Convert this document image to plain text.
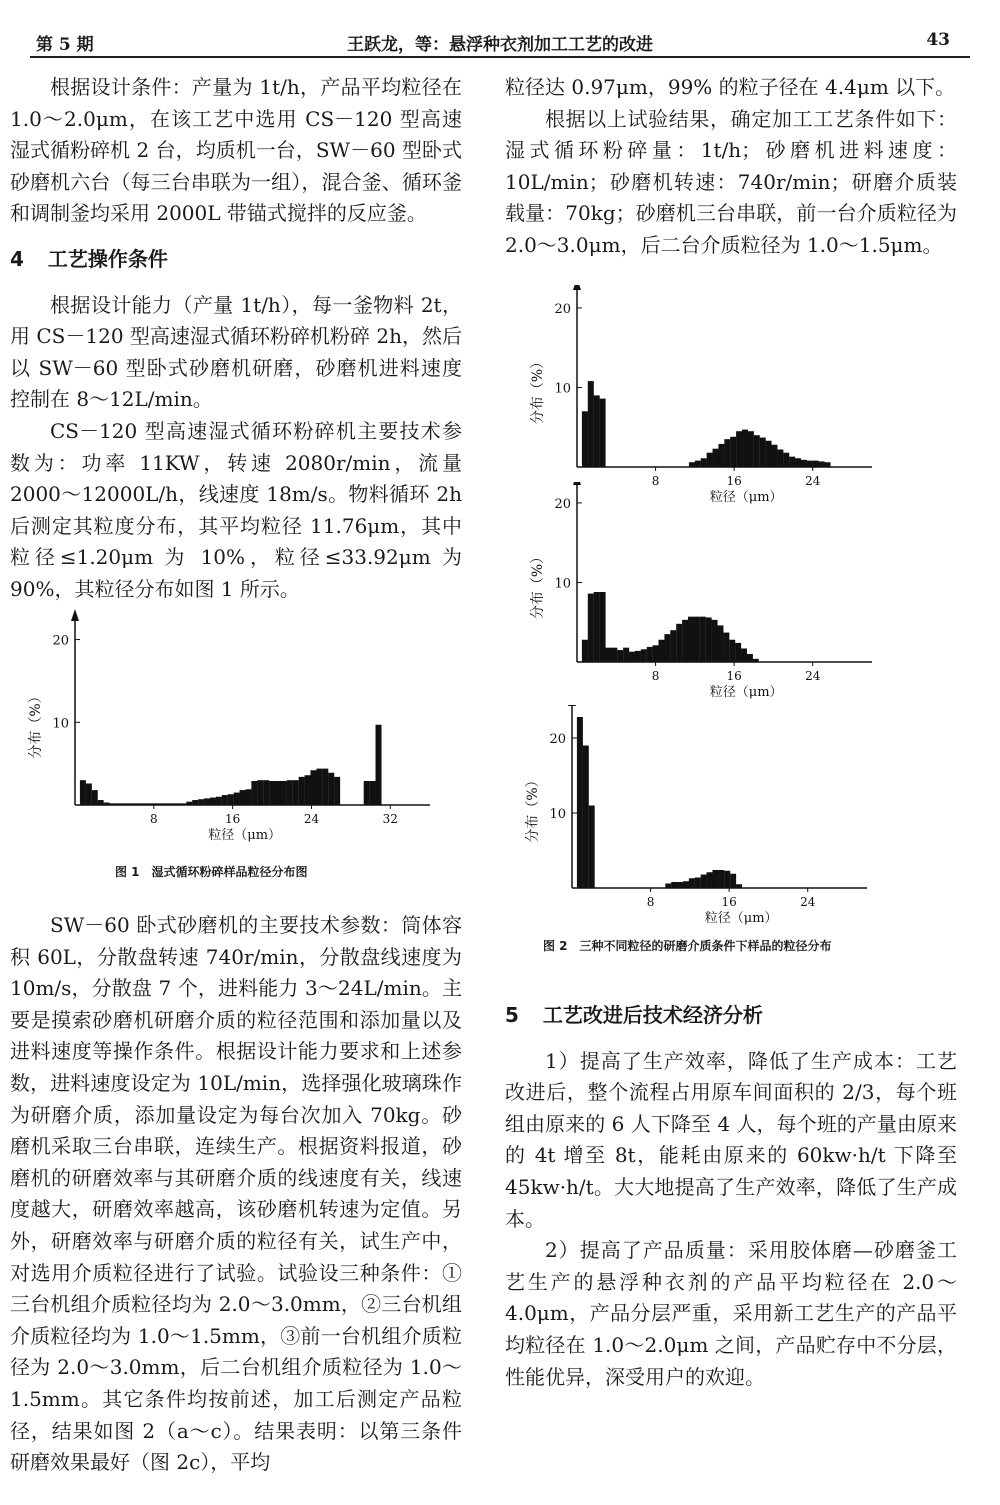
第 5 期	王跃龙，等：悬浮种衣剂加工工艺的改进	43

根据设计条件：产量为 1t/h，产品平均粒径在 1.0～2.0μm，在该工艺中选用 CS－120 型高速湿式循粉碎机 2 台，均质机一台，SW－60 型卧式砂磨机六台（每三台串联为一组），混合釜、循环釜和调制釜均采用 2000L 带锚式搅拌的反应釜。

4 工艺操作条件

根据设计能力（产量 1t/h），每一釜物料 2t，用 CS－120 型高速湿式循环粉碎机粉碎 2h，然后以 SW－60 型卧式砂磨机研磨，砂磨机进料速度控制在 8～12L/min。

CS－120 型高速湿式循环粉碎机主要技术参数为：功率 11KW，转速 2080r/min，流量 2000～12000L/h，线速度 18m/s。物料循环 2h 后测定其粒度分布，其平均粒径 11.76μm，其中粒径≤1.20μm 为 10%，粒径≤33.92μm 为 90%，其粒径分布如图 1 所示。

10
20
8	16	24	32
分布（%）
粒径（μm）
图 1　湿式循环粉碎样品粒径分布图

SW－60 卧式砂磨机的主要技术参数：筒体容积 60L，分散盘转速 740r/min，分散盘线速度为 10m/s，分散盘 7 个，进料能力 3～24L/min。主要是摸索砂磨机研磨介质的粒径范围和添加量以及进料速度等操作条件。根据设计能力要求和上述参数，进料速度设定为 10L/min，选择强化玻璃珠作为研磨介质，添加量设定为每台次加入 70kg。砂磨机采取三台串联，连续生产。根据资料报道，砂磨机的研磨效率与其研磨介质的线速度有关，线速度越大，研磨效率越高，该砂磨机转速为定值。另外，研磨效率与研磨介质的粒径有关，试生产中，对选用介质粒径进行了试验。试验设三种条件：①三台机组介质粒径均为 2.0～3.0mm，②三台机组介质粒径均为 1.0～1.5mm，③前一台机组介质粒径为 2.0～3.0mm，后二台机组介质粒径为 1.0～1.5mm。其它条件均按前述，加工后测定产品粒径，结果如图 2（a～c）。结果表明：以第三条件研磨效果最好（图 2c），平均

粒径达 0.97μm，99% 的粒子径在 4.4μm 以下。

根据以上试验结果，确定加工工艺条件如下：湿式循环粉碎量：1t/h；砂磨机进料速度：10L/min；砂磨机转速：740r/min；研磨介质装载量：70kg；砂磨机三台串联，前一台介质粒径为 2.0～3.0μm，后二台介质粒径为 1.0～1.5μm。

10
20
8	16	24
分布（%）
粒径（μm）
10
20
8	16	24
分布（%）
粒径（μm）
10
20
8	16	24
分布（%）
粒径（μm）
图 2　三种不同粒径的研磨介质条件下样品的粒径分布
5 工艺改进后技术经济分析

1）提高了生产效率，降低了生产成本：工艺改进后，整个流程占用原车间面积的 2/3，每个班组由原来的 6 人下降至 4 人，每个班的产量由原来的 4t 增至 8t，能耗由原来的 60kw·h/t 下降至 45kw·h/t。大大地提高了生产效率，降低了生产成本。

2）提高了产品质量：采用胶体磨—砂磨釜工艺生产的悬浮种衣剂的产品平均粒径在 2.0～4.0μm，产品分层严重，采用新工艺生产的产品平均粒径在 1.0～2.0μm 之间，产品贮存中不分层，性能优异，深受用户的欢迎。
